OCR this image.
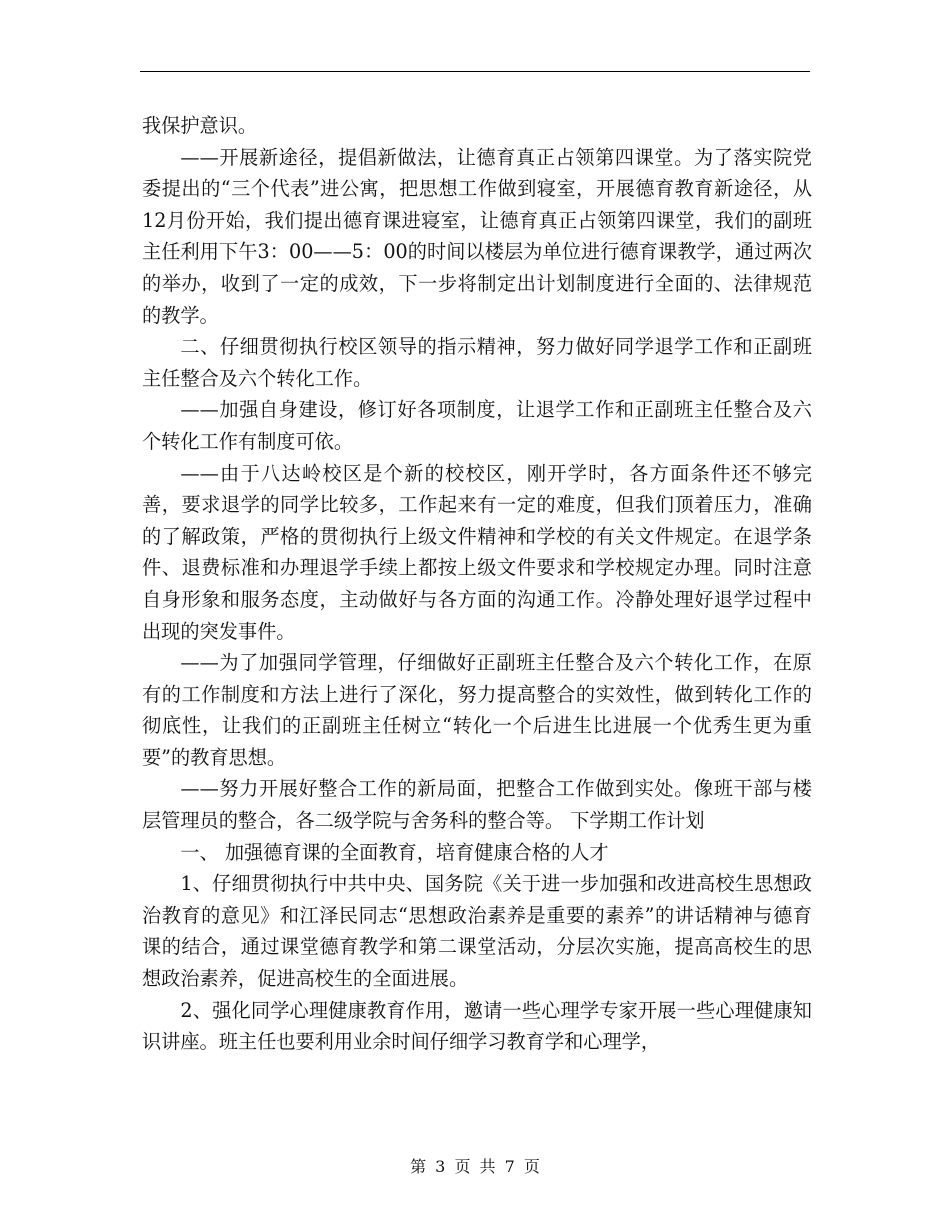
我保护意识。

——开展新途径，提倡新做法，让德育真正占领第四课堂。为了落实院党委提出的“三个代表”进公寓，把思想工作做到寝室，开展德育教育新途径，从12月份开始，我们提出德育课进寝室，让德育真正占领第四课堂，我们的副班主任利用下午3：00——5：00的时间以楼层为单位进行德育课教学，通过两次的举办，收到了一定的成效，下一步将制定出计划制度进行全面的、法律规范的教学。

二、仔细贯彻执行校区领导的指示精神，努力做好同学退学工作和正副班主任整合及六个转化工作。

——加强自身建设，修订好各项制度，让退学工作和正副班主任整合及六个转化工作有制度可依。

——由于八达岭校区是个新的校校区，刚开学时，各方面条件还不够完善，要求退学的同学比较多，工作起来有一定的难度，但我们顶着压力，准确的了解政策，严格的贯彻执行上级文件精神和学校的有关文件规定。在退学条件、退费标准和办理退学手续上都按上级文件要求和学校规定办理。同时注意自身形象和服务态度，主动做好与各方面的沟通工作。冷静处理好退学过程中出现的突发事件。

——为了加强同学管理，仔细做好正副班主任整合及六个转化工作，在原有的工作制度和方法上进行了深化，努力提高整合的实效性，做到转化工作的彻底性，让我们的正副班主任树立“转化一个后进生比进展一个优秀生更为重要”的教育思想。

——努力开展好整合工作的新局面，把整合工作做到实处。像班干部与楼层管理员的整合，各二级学院与舍务科的整合等。 下学期工作计划

一、 加强德育课的全面教育，培育健康合格的人才

1、仔细贯彻执行中共中央、国务院《关于进一步加强和改进高校生思想政治教育的意见》和江泽民同志“思想政治素养是重要的素养”的讲话精神与德育课的结合，通过课堂德育教学和第二课堂活动，分层次实施，提高高校生的思想政治素养，促进高校生的全面进展。

2、强化同学心理健康教育作用，邀请一些心理学专家开展一些心理健康知识讲座。班主任也要利用业余时间仔细学习教育学和心理学，

第 3 页 共 7 页
